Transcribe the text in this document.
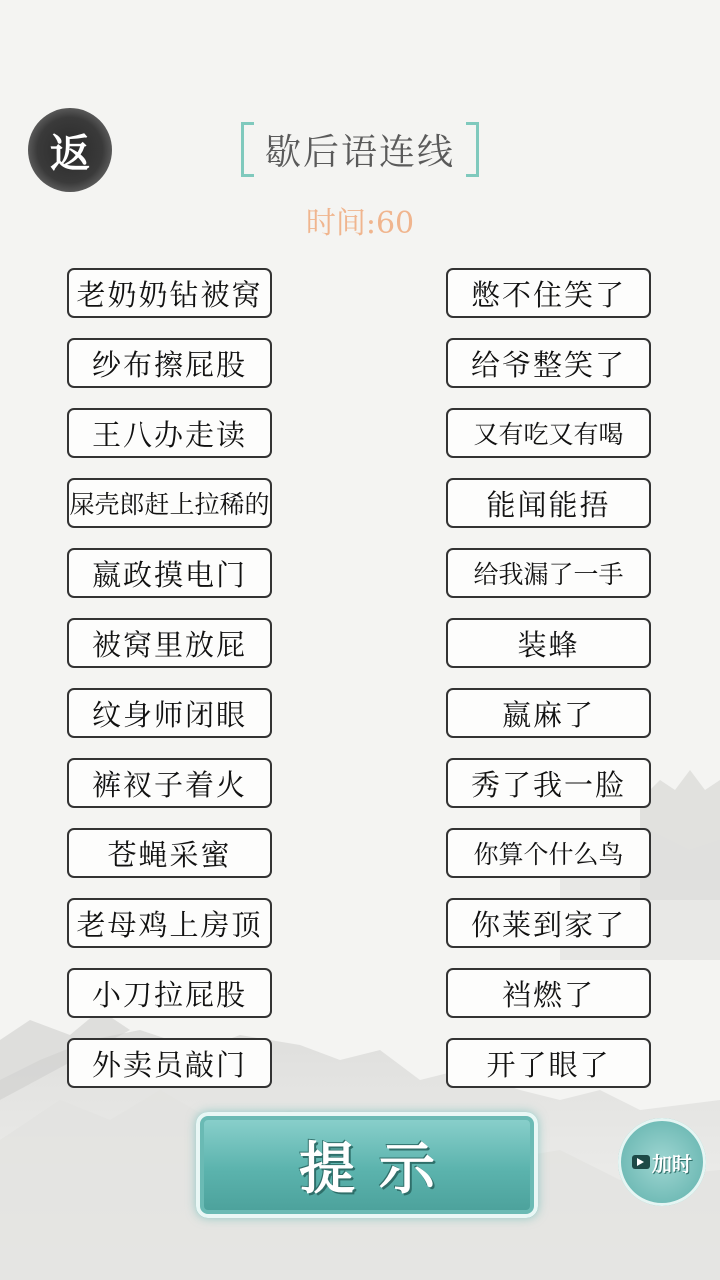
返	歇后语连线
时间:60
老奶奶钻被窝
纱布擦屁股
王八办走读
屎壳郎赶上拉稀的
嬴政摸电门
被窝里放屁
纹身师闭眼
裤衩子着火
苍蝇采蜜
老母鸡上房顶
小刀拉屁股
外卖员敲门
憋不住笑了
给爷整笑了
又有吃又有喝
能闻能捂
给我漏了一手
装蜂
嬴麻了
秀了我一脸
你算个什么鸟
你莱到家了
裆燃了
开了眼了
提示	加时
